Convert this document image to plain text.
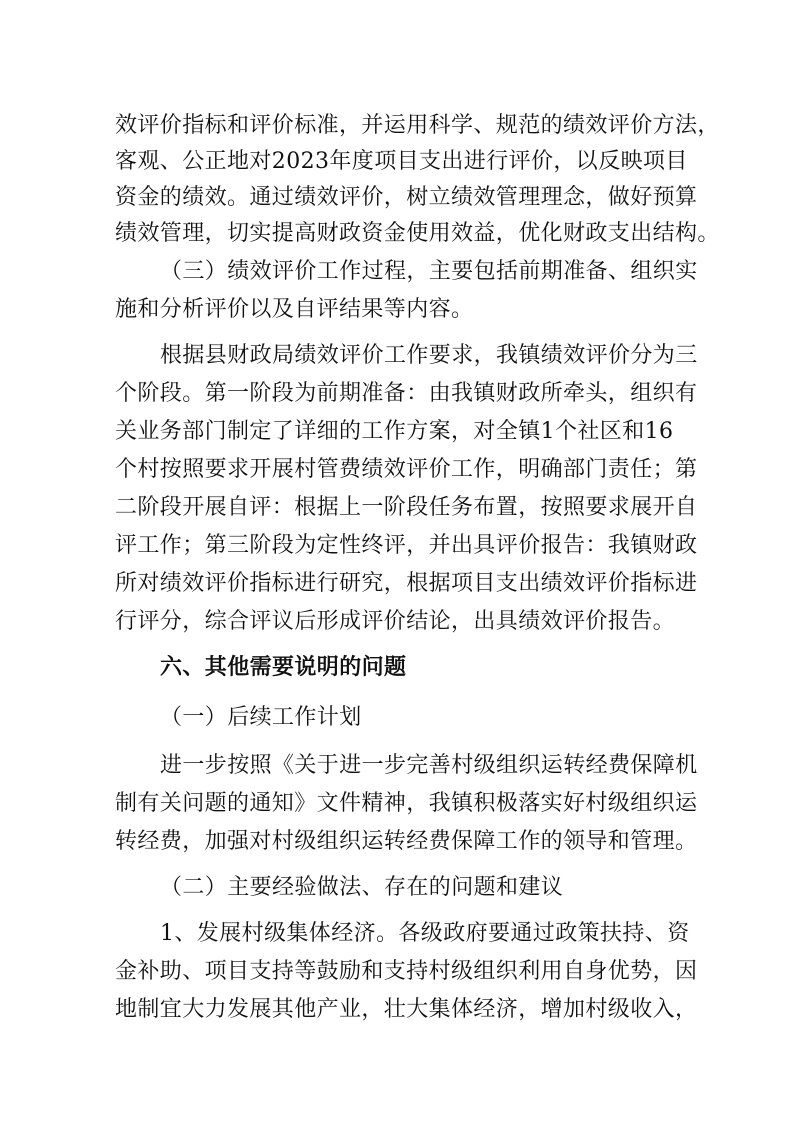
效评价指标和评价标准，并运用科学、规范的绩效评价方法，
客观、公正地对2023年度项目支出进行评价，以反映项目
资金的绩效。通过绩效评价，树立绩效管理理念，做好预算
绩效管理，切实提高财政资金使用效益，优化财政支出结构。
（三）绩效评价工作过程，主要包括前期准备、组织实
施和分析评价以及自评结果等内容。
根据县财政局绩效评价工作要求，我镇绩效评价分为三
个阶段。第一阶段为前期准备：由我镇财政所牵头，组织有
关业务部门制定了详细的工作方案，对全镇1个社区和16
个村按照要求开展村管费绩效评价工作，明确部门责任；第
二阶段开展自评：根据上一阶段任务布置，按照要求展开自
评工作；第三阶段为定性终评，并出具评价报告：我镇财政
所对绩效评价指标进行研究，根据项目支出绩效评价指标进
行评分，综合评议后形成评价结论，出具绩效评价报告。
六、其他需要说明的问题
（一）后续工作计划
进一步按照《关于进一步完善村级组织运转经费保障机
制有关问题的通知》文件精神，我镇积极落实好村级组织运
转经费，加强对村级组织运转经费保障工作的领导和管理。
（二）主要经验做法、存在的问题和建议
1、发展村级集体经济。各级政府要通过政策扶持、资
金补助、项目支持等鼓励和支持村级组织利用自身优势，因
地制宜大力发展其他产业，壮大集体经济，增加村级收入，
